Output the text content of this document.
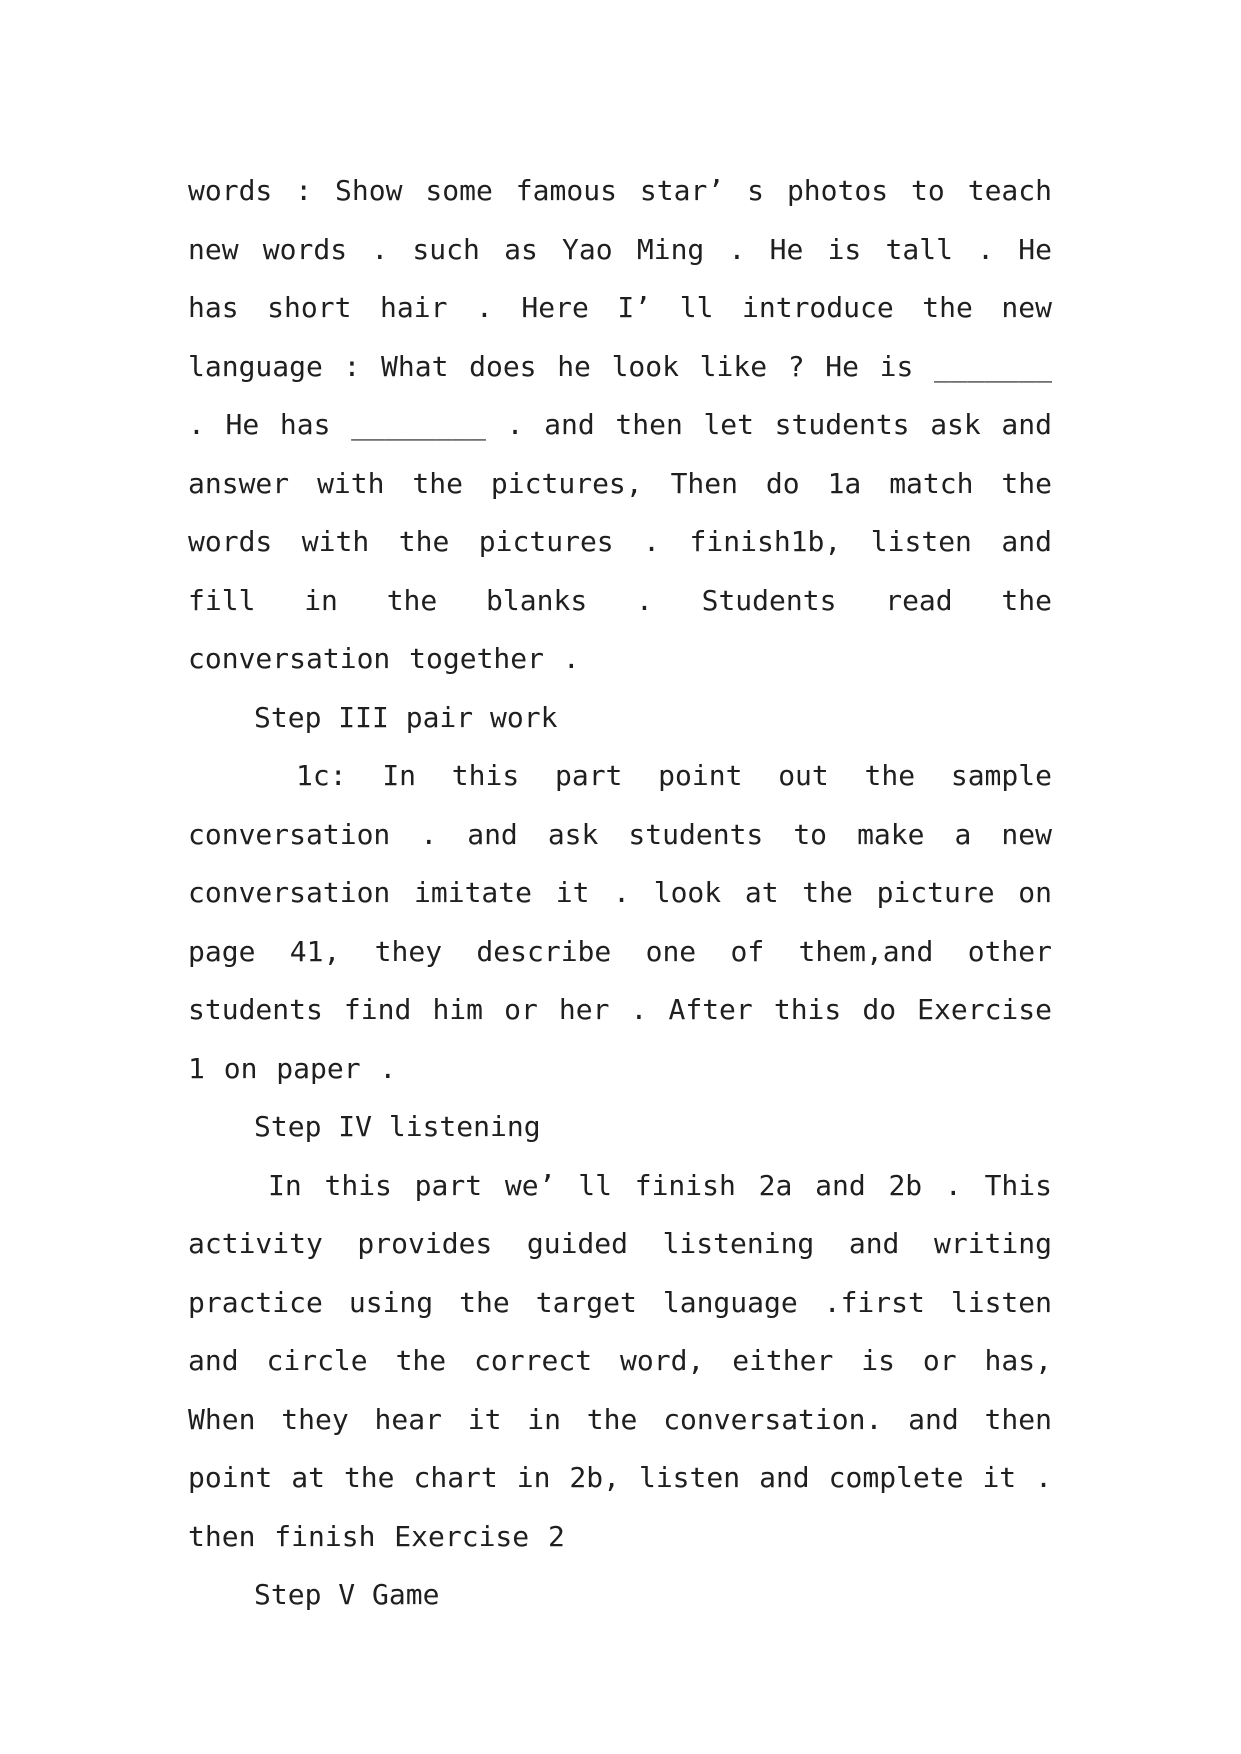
words : Show some famous star’ s photos to teach new words . such as Yao Ming . He is tall . He has short hair . Here I’ ll introduce the new language : What does he look like ? He is _______ . He has ________ . and then let students ask and answer with the pictures, Then do 1a match the words with the pictures . finish1b, listen and fill in the blanks . Students read the conversation together .

Step III pair work

1c: In this part point out the sample conversation . and ask students to make a new conversation imitate it . look at the picture on page 41, they describe one of them,and other students find him or her . After this do Exercise 1 on paper .

Step IV listening

In this part we’ ll finish 2a and 2b . This activity provides guided listening and writing practice using the target language .first listen and circle the correct word, either is or has, When they hear it in the conversation. and then point at the chart in 2b, listen and complete it . then finish Exercise 2

Step V Game
